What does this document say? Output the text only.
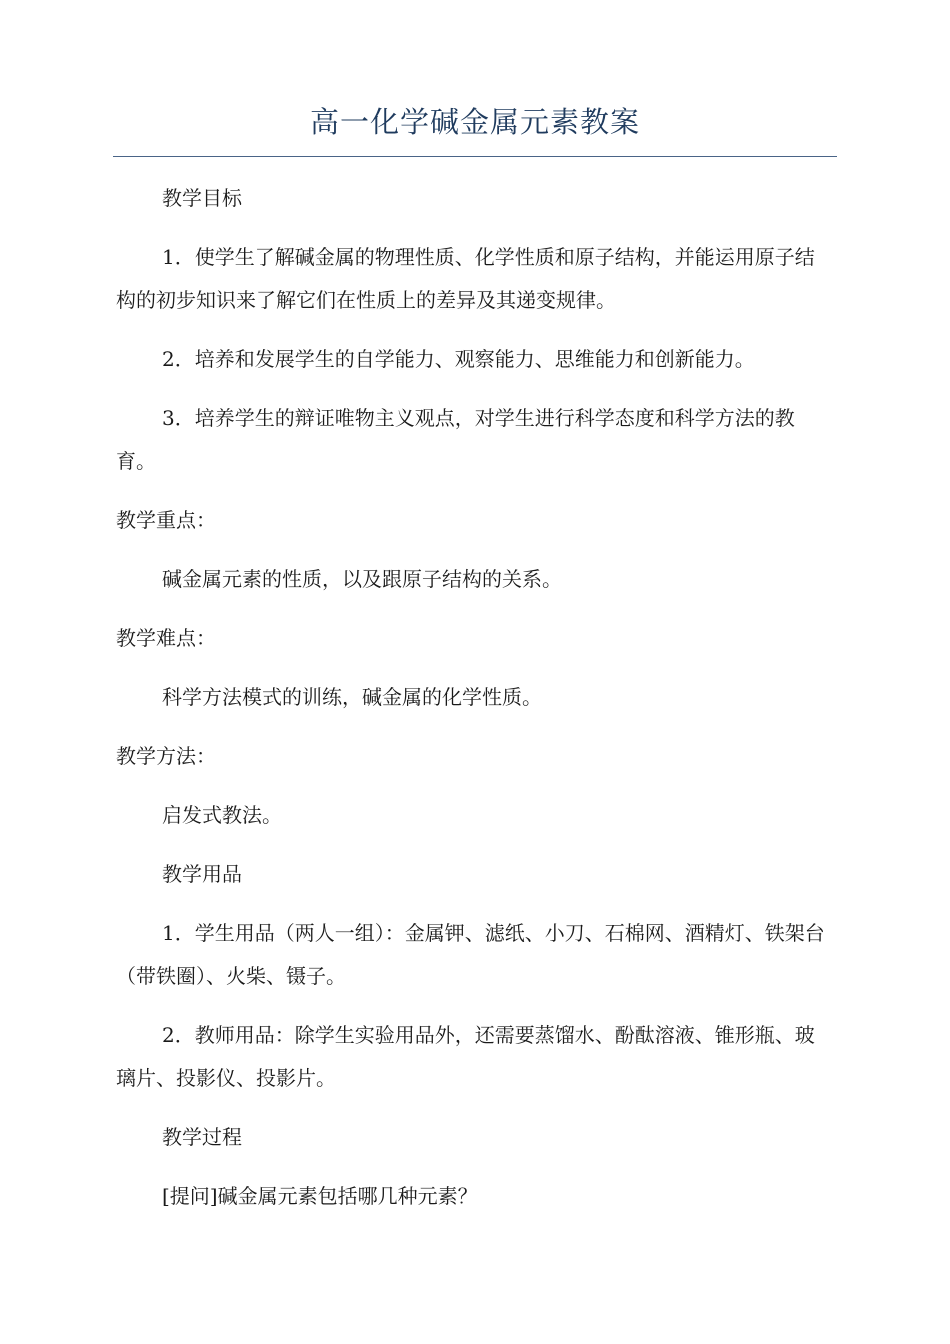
高一化学碱金属元素教案

教学目标

1．使学生了解碱金属的物理性质、化学性质和原子结构，并能运用原子结构的初步知识来了解它们在性质上的差异及其递变规律。

2．培养和发展学生的自学能力、观察能力、思维能力和创新能力。

3．培养学生的辩证唯物主义观点，对学生进行科学态度和科学方法的教育。

教学重点：

碱金属元素的性质，以及跟原子结构的关系。

教学难点：

科学方法模式的训练，碱金属的化学性质。

教学方法：

启发式教法。

教学用品

1．学生用品（两人一组）：金属钾、滤纸、小刀、石棉网、酒精灯、铁架台（带铁圈）、火柴、镊子。

2．教师用品：除学生实验用品外，还需要蒸馏水、酚酞溶液、锥形瓶、玻璃片、投影仪、投影片。

教学过程

[提问]碱金属元素包括哪几种元素？
